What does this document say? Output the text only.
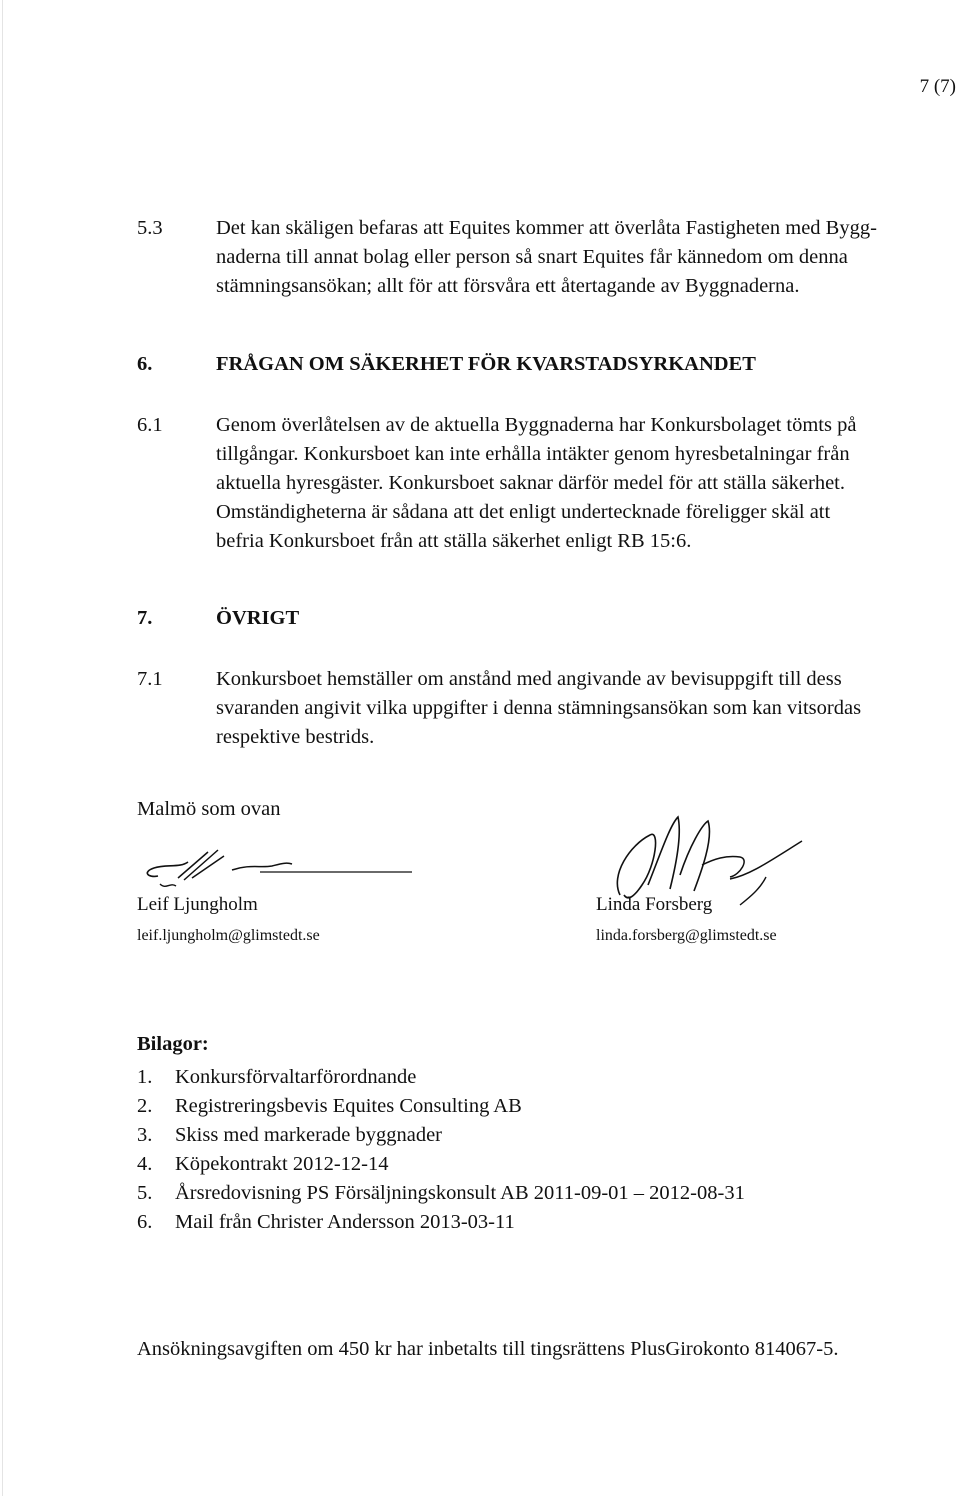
7 (7)
5.3	Det kan skäligen befaras att Equites kommer att överlåta Fastigheten med Bygg-
naderna till annat bolag eller person så snart Equites får kännedom om denna
stämningsansökan; allt för att försvåra ett återtagande av Byggnaderna.
6.	FRÅGAN OM SÄKERHET FÖR KVARSTADSYRKANDET
6.1	Genom överlåtelsen av de aktuella Byggnaderna har Konkursbolaget tömts på
tillgångar. Konkursboet kan inte erhålla intäkter genom hyresbetalningar från
aktuella hyresgäster. Konkursboet saknar därför medel för att ställa säkerhet.
Omständigheterna är sådana att det enligt undertecknade föreligger skäl att
befria Konkursboet från att ställa säkerhet enligt RB 15:6.
7.	ÖVRIGT
7.1	Konkursboet hemställer om anstånd med angivande av bevisuppgift till dess
svaranden angivit vilka uppgifter i denna stämningsansökan som kan vitsordas
respektive bestrids.
Malmö som ovan
Leif Ljungholm
leif.ljungholm@glimstedt.se
Linda Forsberg
linda.forsberg@glimstedt.se
Bilagor:
1. Konkursförvaltarförordnande
2. Registreringsbevis Equites Consulting AB
3. Skiss med markerade byggnader
4. Köpekontrakt 2012-12-14
5. Årsredovisning PS Försäljningskonsult AB 2011-09-01 – 2012-08-31
6. Mail från Christer Andersson 2013-03-11
Ansökningsavgiften om 450 kr har inbetalts till tingsrättens PlusGirokonto 814067-5.
